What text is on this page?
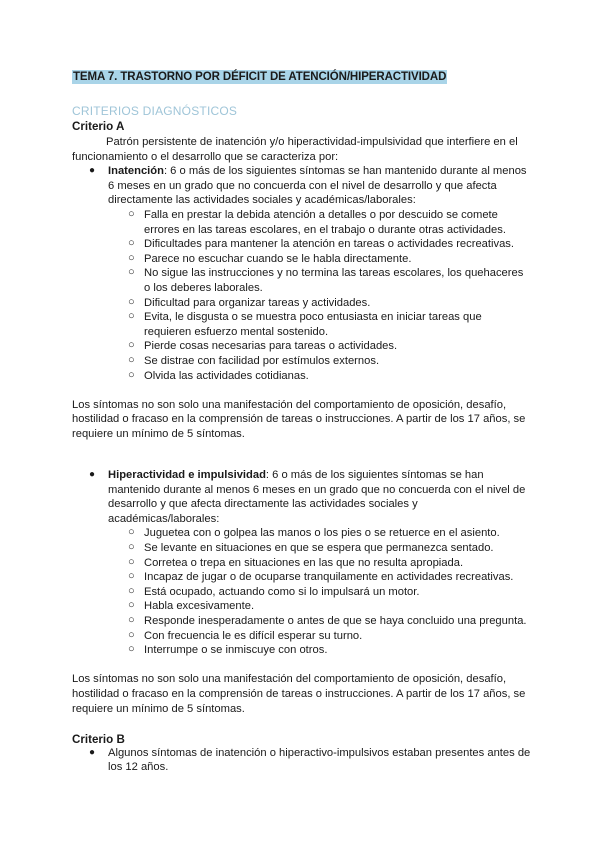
TEMA 7. TRASTORNO POR DÉFICIT DE ATENCIÓN/HIPERACTIVIDAD
CRITERIOS DIAGNÓSTICOS
Criterio A

Patrón persistente de inatención y/o hiperactividad-impulsividad que interfiere en el funcionamiento o el desarrollo que se caracteriza por:

● Inatención: 6 o más de los siguientes síntomas se han mantenido durante al menos 6 meses en un grado que no concuerda con el nivel de desarrollo y que afecta directamente las actividades sociales y académicas/laborales:
○ Falla en prestar la debida atención a detalles o por descuido se comete errores en las tareas escolares, en el trabajo o durante otras actividades.
○ Dificultades para mantener la atención en tareas o actividades recreativas.
○ Parece no escuchar cuando se le habla directamente.
○ No sigue las instrucciones y no termina las tareas escolares, los quehaceres o los deberes laborales.
○ Dificultad para organizar tareas y actividades.
○ Evita, le disgusta o se muestra poco entusiasta en iniciar tareas que requieren esfuerzo mental sostenido.
○ Pierde cosas necesarias para tareas o actividades.
○ Se distrae con facilidad por estímulos externos.
○ Olvida las actividades cotidianas.

Los síntomas no son solo una manifestación del comportamiento de oposición, desafío, hostilidad o fracaso en la comprensión de tareas o instrucciones. A partir de los 17 años, se requiere un mínimo de 5 síntomas.

● Hiperactividad e impulsividad: 6 o más de los siguientes síntomas se han mantenido durante al menos 6 meses en un grado que no concuerda con el nivel de desarrollo y que afecta directamente las actividades sociales y académicas/laborales:
○ Juguetea con o golpea las manos o los pies o se retuerce en el asiento.
○ Se levante en situaciones en que se espera que permanezca sentado.
○ Corretea o trepa en situaciones en las que no resulta apropiada.
○ Incapaz de jugar o de ocuparse tranquilamente en actividades recreativas.
○ Está ocupado, actuando como si lo impulsará un motor.
○ Habla excesivamente.
○ Responde inesperadamente o antes de que se haya concluido una pregunta.
○ Con frecuencia le es difícil esperar su turno.
○ Interrumpe o se inmiscuye con otros.

Los síntomas no son solo una manifestación del comportamiento de oposición, desafío, hostilidad o fracaso en la comprensión de tareas o instrucciones. A partir de los 17 años, se requiere un mínimo de 5 síntomas.

Criterio B
● Algunos síntomas de inatención o hiperactivo-impulsivos estaban presentes antes de los 12 años.
